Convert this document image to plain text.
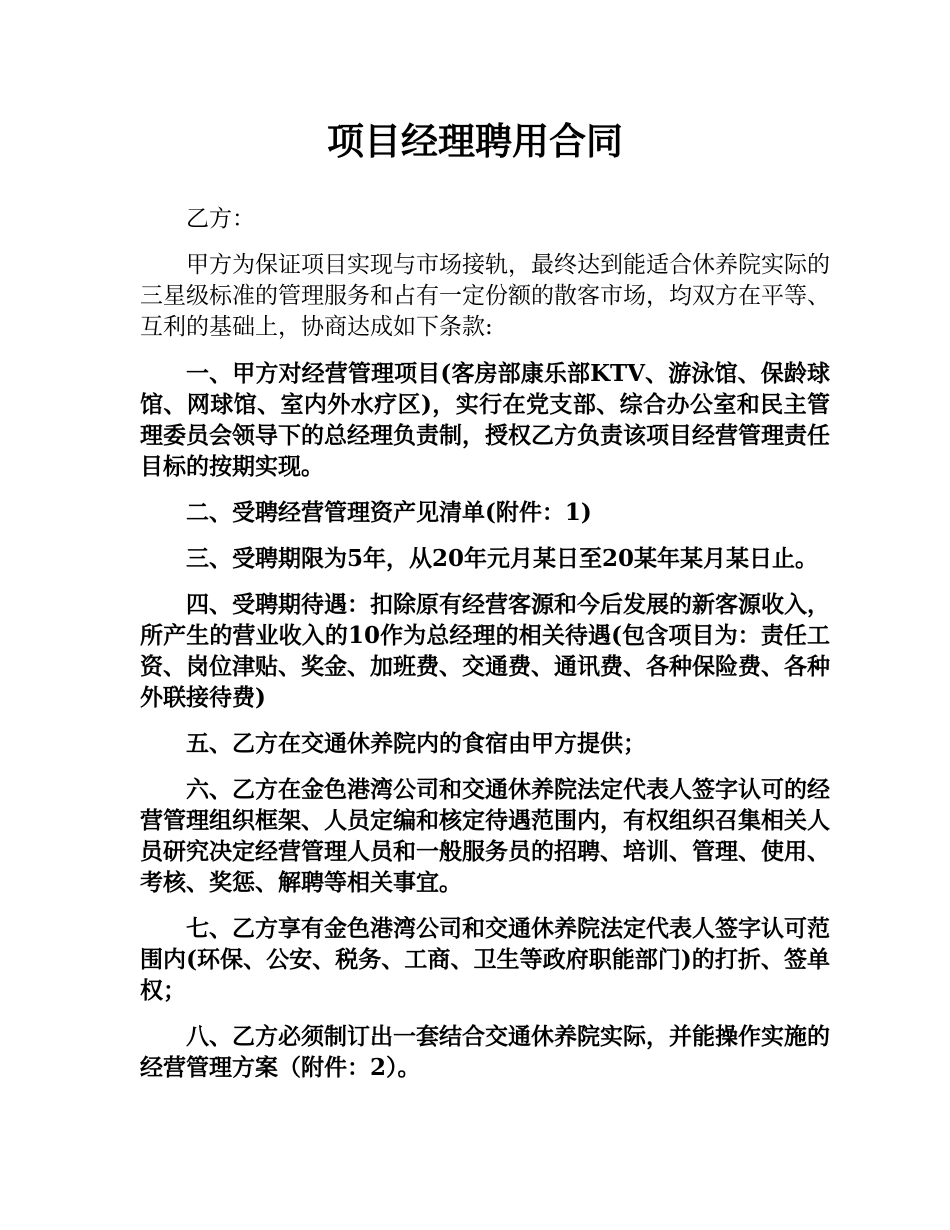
项目经理聘用合同

乙方：

甲方为保证项目实现与市场接轨，最终达到能适合休养院实际的三星级标准的管理服务和占有一定份额的散客市场，均双方在平等、互利的基础上，协商达成如下条款:

一、甲方对经营管理项目(客房部康乐部KTV、游泳馆、保龄球馆、网球馆、室内外水疗区)，实行在党支部、综合办公室和民主管理委员会领导下的总经理负责制，授权乙方负责该项目经营管理责任目标的按期实现。

二、受聘经营管理资产见清单(附件：1)

三、受聘期限为5年，从20年元月某日至20某年某月某日止。

四、受聘期待遇：扣除原有经营客源和今后发展的新客源收入，所产生的营业收入的10作为总经理的相关待遇(包含项目为：责任工资、岗位津贴、奖金、加班费、交通费、通讯费、各种保险费、各种外联接待费)

五、乙方在交通休养院内的食宿由甲方提供；

六、乙方在金色港湾公司和交通休养院法定代表人签字认可的经营管理组织框架、人员定编和核定待遇范围内，有权组织召集相关人员研究决定经营管理人员和一般服务员的招聘、培训、管理、使用、考核、奖惩、解聘等相关事宜。

七、乙方享有金色港湾公司和交通休养院法定代表人签字认可范围内(环保、公安、税务、工商、卫生等政府职能部门)的打折、签单权；

八、乙方必须制订出一套结合交通休养院实际，并能操作实施的经营管理方案（附件：2）。
